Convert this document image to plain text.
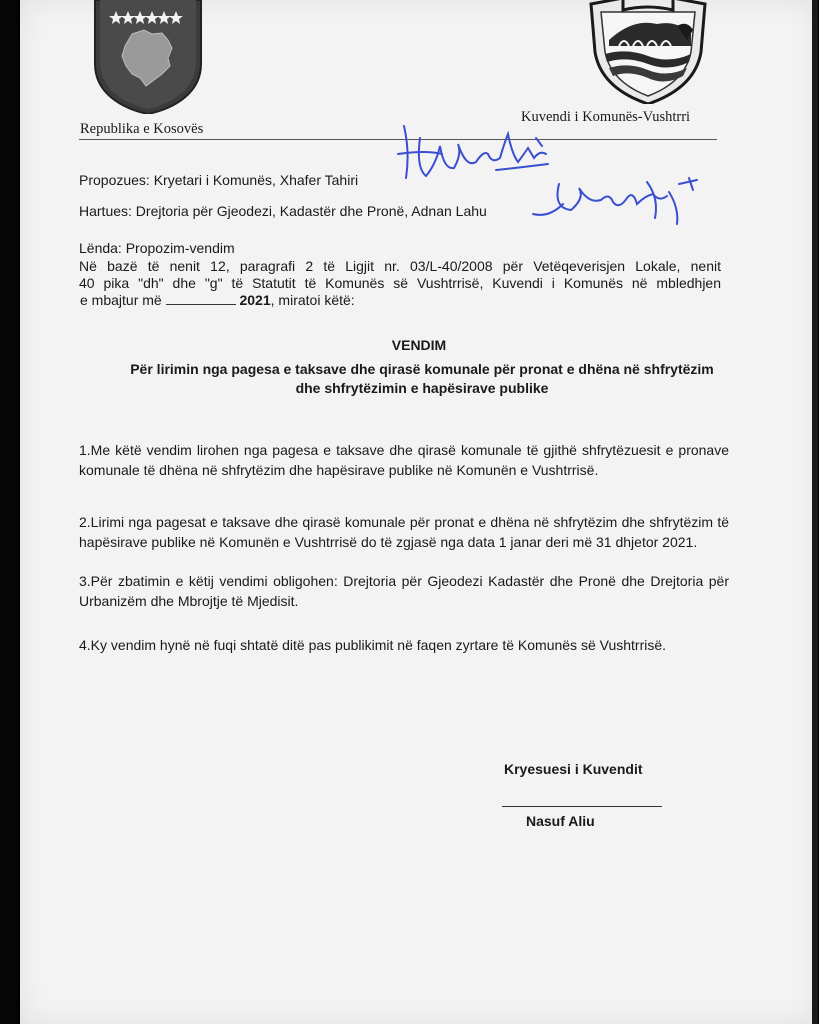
Republika e Kosovës
Kuvendi i Komunës-Vushtrri
Propozues: Kryetari i Komunës, Xhafer Tahiri
Hartues: Drejtoria për Gjeodezi, Kadastër dhe Pronë, Adnan Lahu
Lënda: Propozim-vendim

Në bazë të nenit 12, paragrafi 2 të Ligjit nr. 03/L-40/2008 për Vetëqeverisjen Lokale, nenit

40 pika "dh" dhe "g" të Statutit të Komunës së Vushtrrisë, Kuvendi i Komunës në mbledhjen

e mbajtur më	2021, miratoi këtë:

VENDIM
Për lirimin nga pagesa e taksave dhe qirasë komunale për pronat e dhëna në shfrytëzim dhe shfrytëzimin e hapësirave publike

1.Me këtë vendim lirohen nga pagesa e taksave dhe qirasë komunale të gjithë shfrytëzuesit e pronave komunale të dhëna në shfrytëzim dhe hapësirave publike në Komunën e Vushtrrisë.

2.Lirimi nga pagesat e taksave dhe qirasë komunale për pronat e dhëna në shfrytëzim dhe shfrytëzim të hapësirave publike në Komunën e Vushtrrisë do të zgjasë nga data 1 janar deri më 31 dhjetor 2021.

3.Për zbatimin e këtij vendimi obligohen: Drejtoria për Gjeodezi Kadastër dhe Pronë dhe Drejtoria për Urbanizëm dhe Mbrojtje të Mjedisit.

4.Ky vendim hynë në fuqi shtatë ditë pas publikimit në faqen zyrtare të Komunës së Vushtrrisë.

Kryesuesi i Kuvendit
Nasuf Aliu
